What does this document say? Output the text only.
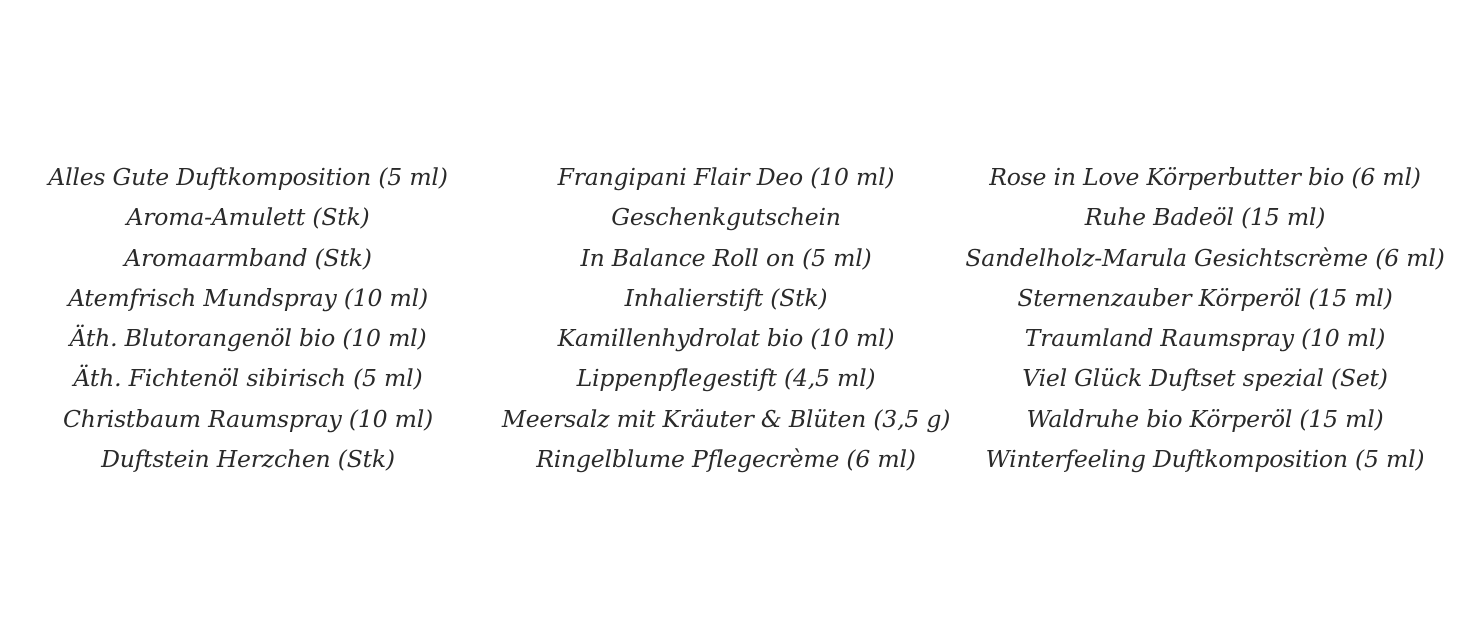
Alles Gute Duftkomposition (5 ml)
Aroma-Amulett (Stk)
Aromaarmband (Stk)
Atemfrisch Mundspray (10 ml)
Äth. Blutorangenöl bio (10 ml)
Äth. Fichtenöl sibirisch (5 ml)
Christbaum Raumspray (10 ml)
Duftstein Herzchen (Stk)
Frangipani Flair Deo (10 ml)
Geschenkgutschein
In Balance Roll on (5 ml)
Inhalierstift (Stk)
Kamillenhydrolat bio (10 ml)
Lippenpflegestift (4,5 ml)
Meersalz mit Kräuter & Blüten (3,5 g)
Ringelblume Pflegecrème (6 ml)
Rose in Love Körperbutter bio (6 ml)
Ruhe Badeöl (15 ml)
Sandelholz-Marula Gesichtscrème (6 ml)
Sternenzauber Körperöl (15 ml)
Traumland Raumspray (10 ml)
Viel Glück Duftset spezial (Set)
Waldruhe bio Körperöl (15 ml)
Winterfeeling Duftkomposition (5 ml)
